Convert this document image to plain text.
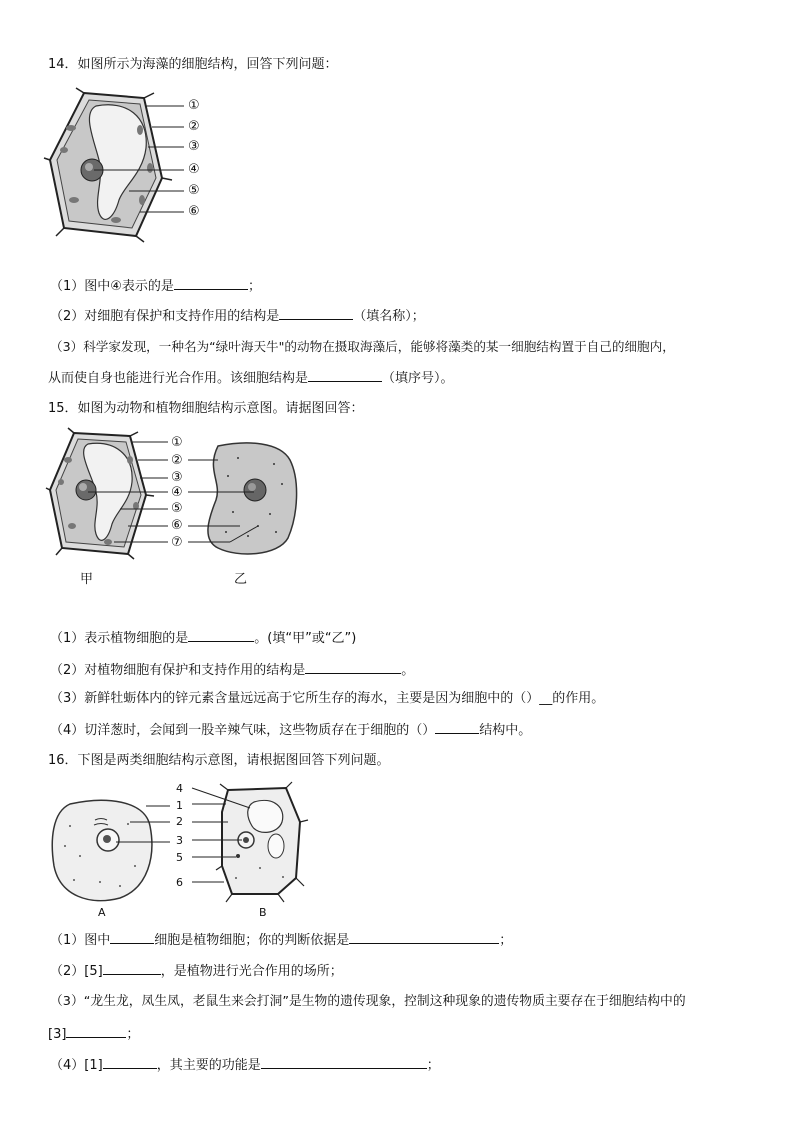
14．如图所示为海藻的细胞结构，回答下列问题：
①
②
③
④
⑤
⑥
（1）图中④表示的是	；
（2）对细胞有保护和支持作用的结构是	（填名称）；
（3）科学家发现，一种名为“绿叶海天牛"的动物在摄取海藻后，能够将藻类的某一细胞结构置于自己的细胞内，
从而使自身也能进行光合作用。该细胞结构是	（填序号）。
15．如图为动物和植物细胞结构示意图。请据图回答：
①
②
③
④
⑤
⑥
⑦
甲	乙
（1）表示植物细胞的是	。(填“甲”或“乙”)
（2）对植物细胞有保护和支持作用的结构是	。
（3）新鲜牡蛎体内的锌元素含量远远高于它所生存的海水，主要是因为细胞中的（）__的作用。
（4）切洋葱时，会闻到一股辛辣气味，这些物质存在于细胞的（）	结构中。
16．下图是两类细胞结构示意图，请根据图回答下列问题。
A
4
1
2
3
5
6
B
（1）图中	细胞是植物细胞；你的判断依据是	；
（2）[5]	，是植物进行光合作用的场所；
（3）“龙生龙，凤生凤，老鼠生来会打洞”是生物的遗传现象，控制这种现象的遗传物质主要存在于细胞结构中的
[3]	；
（4）[1]	，其主要的功能是	；
